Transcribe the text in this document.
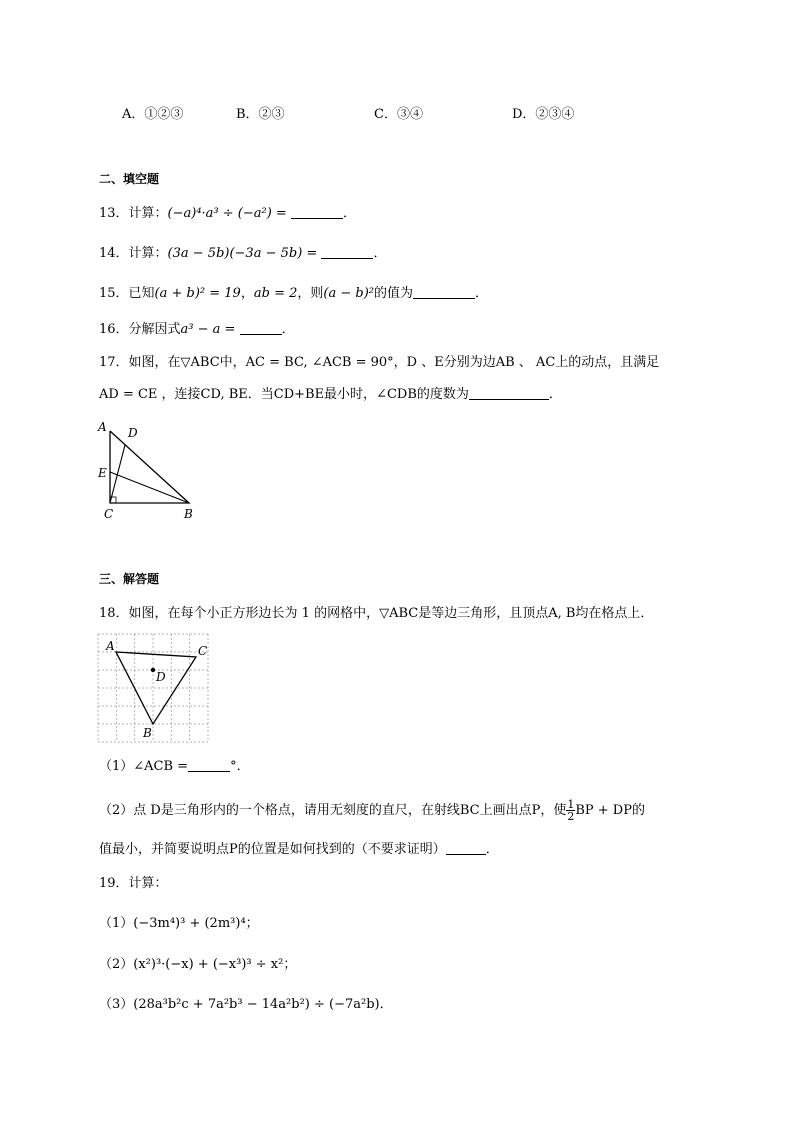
A．①②③	B．②③	C．③④	D．②③④
二、填空题
13．计算：(−a)⁴·a³ ÷ (−a²) =	．
14．计算：(3a − 5b)(−3a − 5b) =	．
15．已知(a + b)² = 19，ab = 2，则(a − b)²的值为	．
16．分解因式a³ − a =	．
17．如图，在▽ABC中，AC = BC, ∠ACB = 90°，D 、E分别为边AB 、 AC上的动点，且满足
AD = CE ，连接CD, BE．当CD+BE最小时，∠CDB的度数为	．
A D
E
C	B
三、解答题
18．如图，在每个小正方形边长为 1 的网格中，▽ABC是等边三角形，且顶点A, B均在格点上．
A	C
D
B
（1）∠ACB =	°．
（2）点 D是三角形内的一个格点，请用无刻度的直尺，在射线BC上画出点P，使 $\frac{1}{2}$ BP + DP的
值最小，并简要说明点P的位置是如何找到的（不要求证明）	．
19．计算：
（1）(−3m⁴)³ + (2m³)⁴；
（2）(x²)³·(−x) + (−x³)³ ÷ x²；
（3）(28a³b²c + 7a²b³ − 14a²b²) ÷ (−7a²b)．
